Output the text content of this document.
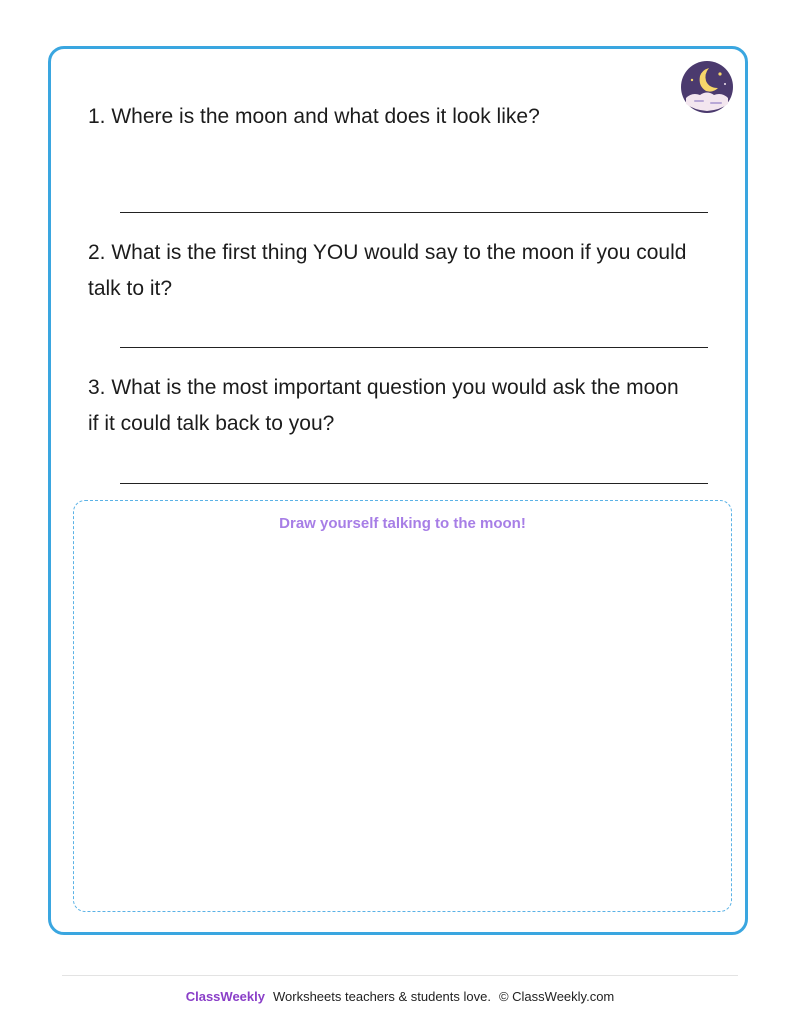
1. Where is the moon and what does it look like?

2. What is the first thing YOU would say to the moon if you could talk to it?

3. What is the most important question you would ask the moon if it could talk back to you?

Draw yourself talking to the moon!
ClassWeekly Worksheets teachers & students love. © ClassWeekly.com
